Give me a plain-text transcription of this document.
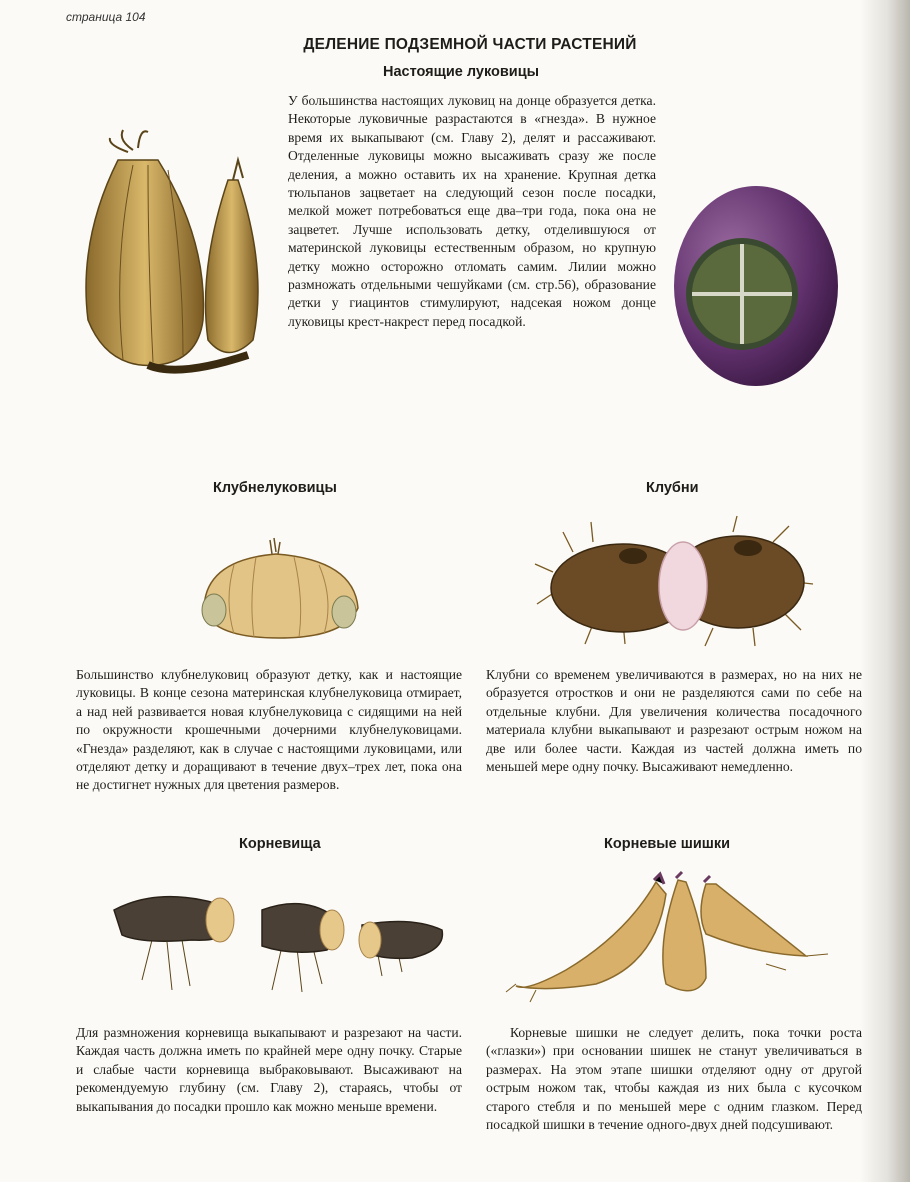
страница 104
ДЕЛЕНИЕ ПОДЗЕМНОЙ ЧАСТИ РАСТЕНИЙ
Настоящие луковицы

У большинства настоящих луковиц на донце образуется детка. Некоторые луковичные разрастаются в «гнезда». В нужное время их выкапывают (см. Главу 2), делят и рассаживают. Отделенные луковицы можно высаживать сразу же после деления, а можно оставить их на хранение. Крупная детка тюльпанов зацветает на следующий сезон после посадки, мелкой может потребоваться еще два–три года, пока она не зацветет. Лучше использовать детку, отделившуюся от материнской луковицы естественным образом, но крупную детку можно осторожно отломать самим. Лилии можно размножать отдельными чешуйками (см. стр.56), образование детки у гиацинтов стимулируют, надсекая ножом донце луковицы крест-накрест перед посадкой.

Клубнелуковицы

Большинство клубнелуковиц образуют детку, как и настоящие луковицы. В конце сезона материнская клубнелуковица отмирает, а над ней развивается новая клубнелуковица с сидящими на ней по окружности крошечными дочерними клубнелуковицами. «Гнезда» разделяют, как в случае с настоящими луковицами, или отделяют детку и доращивают в течение двух–трех лет, пока она не достигнет нужных для цветения размеров.

Клубни

Клубни со временем увеличиваются в размерах, но на них не образуется отростков и они не разделяются сами по себе на отдельные клубни. Для увеличения количества посадочного материала клубни выкапывают и разрезают острым ножом на две или более части. Каждая из частей должна иметь по меньшей мере одну почку. Высаживают немедленно.

Корневища

Для размножения корневища выкапывают и разрезают на части. Каждая часть должна иметь по крайней мере одну почку. Старые и слабые части корневища выбраковывают. Высаживают на рекомендуемую глубину (см. Главу 2), стараясь, чтобы от выкапывания до посадки прошло как можно меньше времени.

Корневые шишки

Корневые шишки не следует делить, пока точки роста («глазки») при основании шишек не станут увеличиваться в размерах. На этом этапе шишки отделяют одну от другой острым ножом так, чтобы каждая из них была с кусочком старого стебля и по меньшей мере с одним глазком. Перед посадкой шишки в течение одного-двух дней подсушивают.
